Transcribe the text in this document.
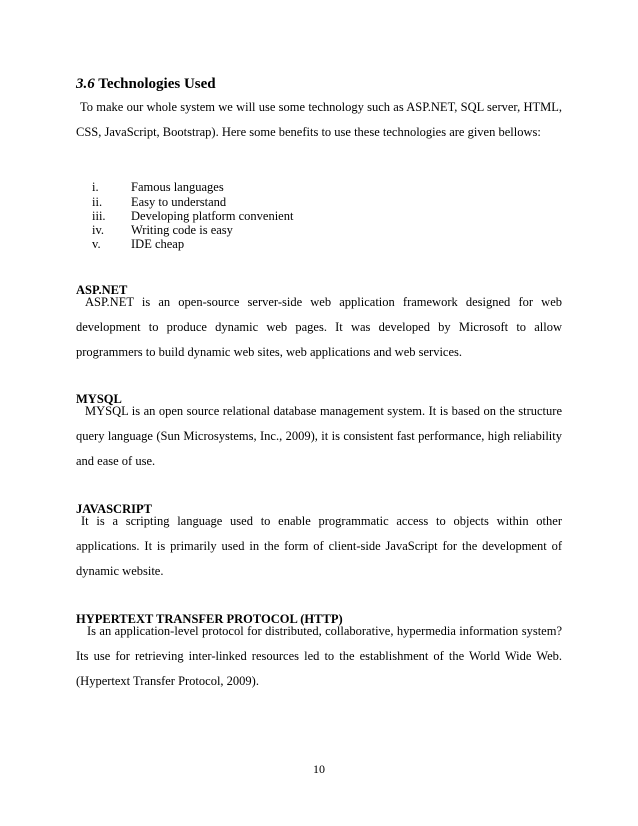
3.6 Technologies Used

To make our whole system we will use some technology such as ASP.NET, SQL server, HTML, CSS, JavaScript, Bootstrap). Here some benefits to use these technologies are given bellows:

i.	Famous languages
ii. Easy to understand
iii. Developing platform convenient
iv. Writing code is easy
v. IDE cheap
ASP.NET

ASP.NET is an open-source server-side web application framework designed for web development to produce dynamic web pages. It was developed by Microsoft to allow programmers to build dynamic web sites, web applications and web services.

MYSQL

MYSQL is an open source relational database management system. It is based on the structure query language (Sun Microsystems, Inc., 2009), it is consistent fast performance, high reliability and ease of use.

JAVASCRIPT

It is a scripting language used to enable programmatic access to objects within other applications. It is primarily used in the form of client-side JavaScript for the development of dynamic website.

HYPERTEXT TRANSFER PROTOCOL (HTTP)

Is an application-level protocol for distributed, collaborative, hypermedia information system? Its use for retrieving inter-linked resources led to the establishment of the World Wide Web. (Hypertext Transfer Protocol, 2009).

10
